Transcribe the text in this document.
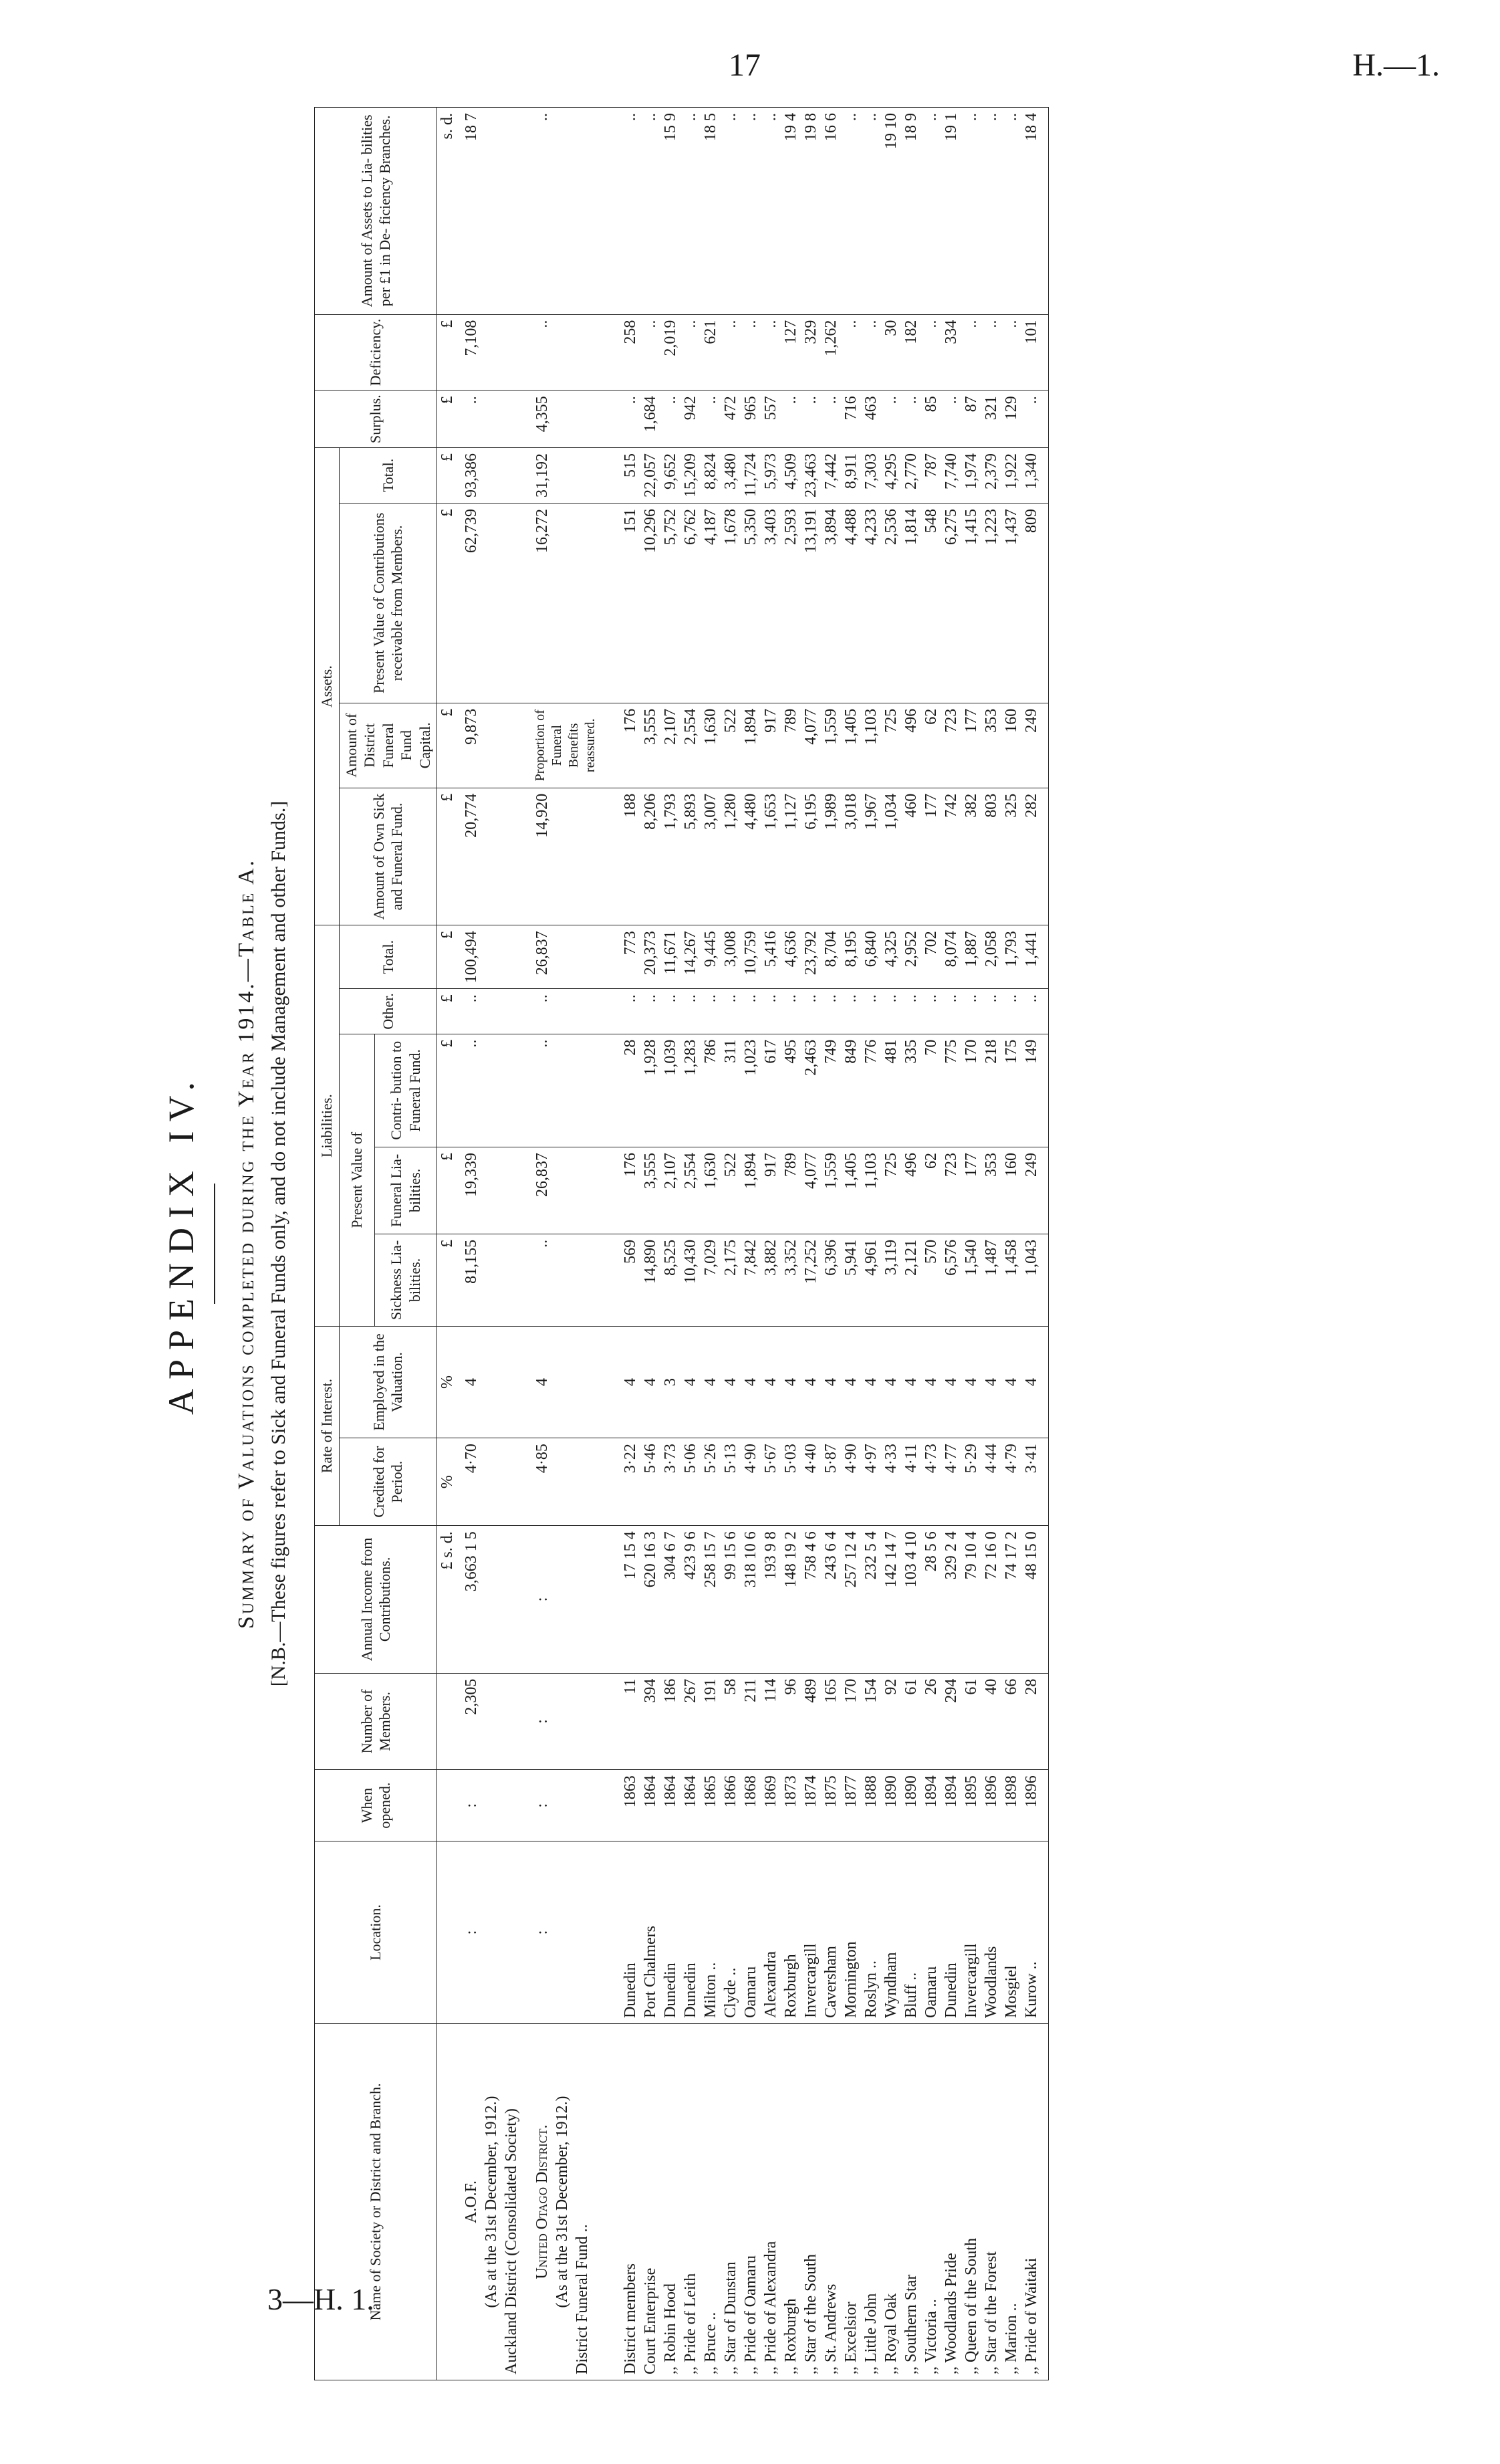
17	H.—1.
APPENDIX IV. Summary of Valuations completed during the Year 1914.—Table A. [N.B.—These figures refer to Sick and Funeral Funds only, and do not include Management and other Funds.]
Name of Society or District and Branch.	Location.	When opened.	Number of Members.	Annual Income from Contributions.	Rate of Interest.		Liabilities.					Assets.				Surplus.	Deficiency.	Amount of Assets to Lia- bilities per £1 in De- ficiency Branches.
					Credited for Period.	Employed in the Valuation.	Present Value of			Other.	Total.	Amount of Own Sick and Funeral Fund.	Amount of District Funeral Fund Capital.	Present Value of Contributions receivable from Members.	Total.			
							Sickness Lia- bilities.	Funeral Lia- bilities.	Contri- bution to Funeral Fund.									
				£ s. d.	%	%	£	£	£	£	£	£	£	£	£	£	£	s. d.

A.O.F. (As at the 31st December, 1912.) Auckland District (Consolidated Society)	:	:	2,305	3,663 1 5	4·70	4	81,155	19,339	..	..	100,494	20,774	9,873	62,739	93,386	..	7,108	18 7

United Otago District. (As at the 31st December, 1912.) District Funeral Fund ..	:	:	:	:	4·85	4	..	26,837	..	..	26,837	14,920	Proportion of Funeral Benefits reassured.	16,272	31,192	4,355	..	..
District members	Dunedin	1863	11	17 15 4	3·22	4	569	176	28	..	773	188	176	151	515	..	258	..
Court Enterprise	Port Chalmers	1864	394	620 16 3	5·46	4	14,890	3,555	1,928	..	20,373	8,206	3,555	10,296	22,057	1,684	..	..
,, Robin Hood	Dunedin	1864	186	304 6 7	3·73	3	8,525	2,107	1,039	..	11,671	1,793	2,107	5,752	9,652	..	2,019	15 9
,, Pride of Leith	Dunedin	1864	267	423 9 6	5·06	4	10,430	2,554	1,283	..	14,267	5,893	2,554	6,762	15,209	942	..	..
,, Bruce ..	Milton ..	1865	191	258 15 7	5·26	4	7,029	1,630	786	..	9,445	3,007	1,630	4,187	8,824	..	621	18 5
,, Star of Dunstan	Clyde ..	1866	58	99 15 6	5·13	4	2,175	522	311	..	3,008	1,280	522	1,678	3,480	472	..	..
,, Pride of Oamaru	Oamaru	1868	211	318 10 6	4·90	4	7,842	1,894	1,023	..	10,759	4,480	1,894	5,350	11,724	965	..	..
,, Pride of Alexandra	Alexandra	1869	114	193 9 8	5·67	4	3,882	917	617	..	5,416	1,653	917	3,403	5,973	557	..	..
,, Roxburgh	Roxburgh	1873	96	148 19 2	5·03	4	3,352	789	495	..	4,636	1,127	789	2,593	4,509	..	127	19 4
,, Star of the South	Invercargill	1874	489	758 4 6	4·40	4	17,252	4,077	2,463	..	23,792	6,195	4,077	13,191	23,463	..	329	19 8
,, St. Andrews	Caversham	1875	165	243 6 4	5·87	4	6,396	1,559	749	..	8,704	1,989	1,559	3,894	7,442	..	1,262	16 6
,, Excelsior	Mornington	1877	170	257 12 4	4·90	4	5,941	1,405	849	..	8,195	3,018	1,405	4,488	8,911	716	..	..
,, Little John	Roslyn ..	1888	154	232 5 4	4·97	4	4,961	1,103	776	..	6,840	1,967	1,103	4,233	7,303	463	..	..
,, Royal Oak	Wyndham	1890	92	142 14 7	4·33	4	3,119	725	481	..	4,325	1,034	725	2,536	4,295	..	30	19 10
,, Southern Star	Bluff ..	1890	61	103 4 10	4·11	4	2,121	496	335	..	2,952	460	496	1,814	2,770	..	182	18 9
,, Victoria ..	Oamaru	1894	26	28 5 6	4·73	4	570	62	70	..	702	177	62	548	787	85	..	..
,, Woodlands Pride	Dunedin	1894	294	329 2 4	4·77	4	6,576	723	775	..	8,074	742	723	6,275	7,740	..	334	19 1
,, Queen of the South	Invercargill	1895	61	79 10 4	5·29	4	1,540	177	170	..	1,887	382	177	1,415	1,974	87	..	..
,, Star of the Forest	Woodlands	1896	40	72 16 0	4·44	4	1,487	353	218	..	2,058	803	353	1,223	2,379	321	..	..
,, Marion ..	Mosgiel	1898	66	74 17 2	4·79	4	1,458	160	175	..	1,793	325	160	1,437	1,922	129	..	..
,, Pride of Waitaki	Kurow ..	1896	28	48 15 0	3·41	4	1,043	249	149	..	1,441	282	249	809	1,340	..	101	18 4
3—H. 1.
